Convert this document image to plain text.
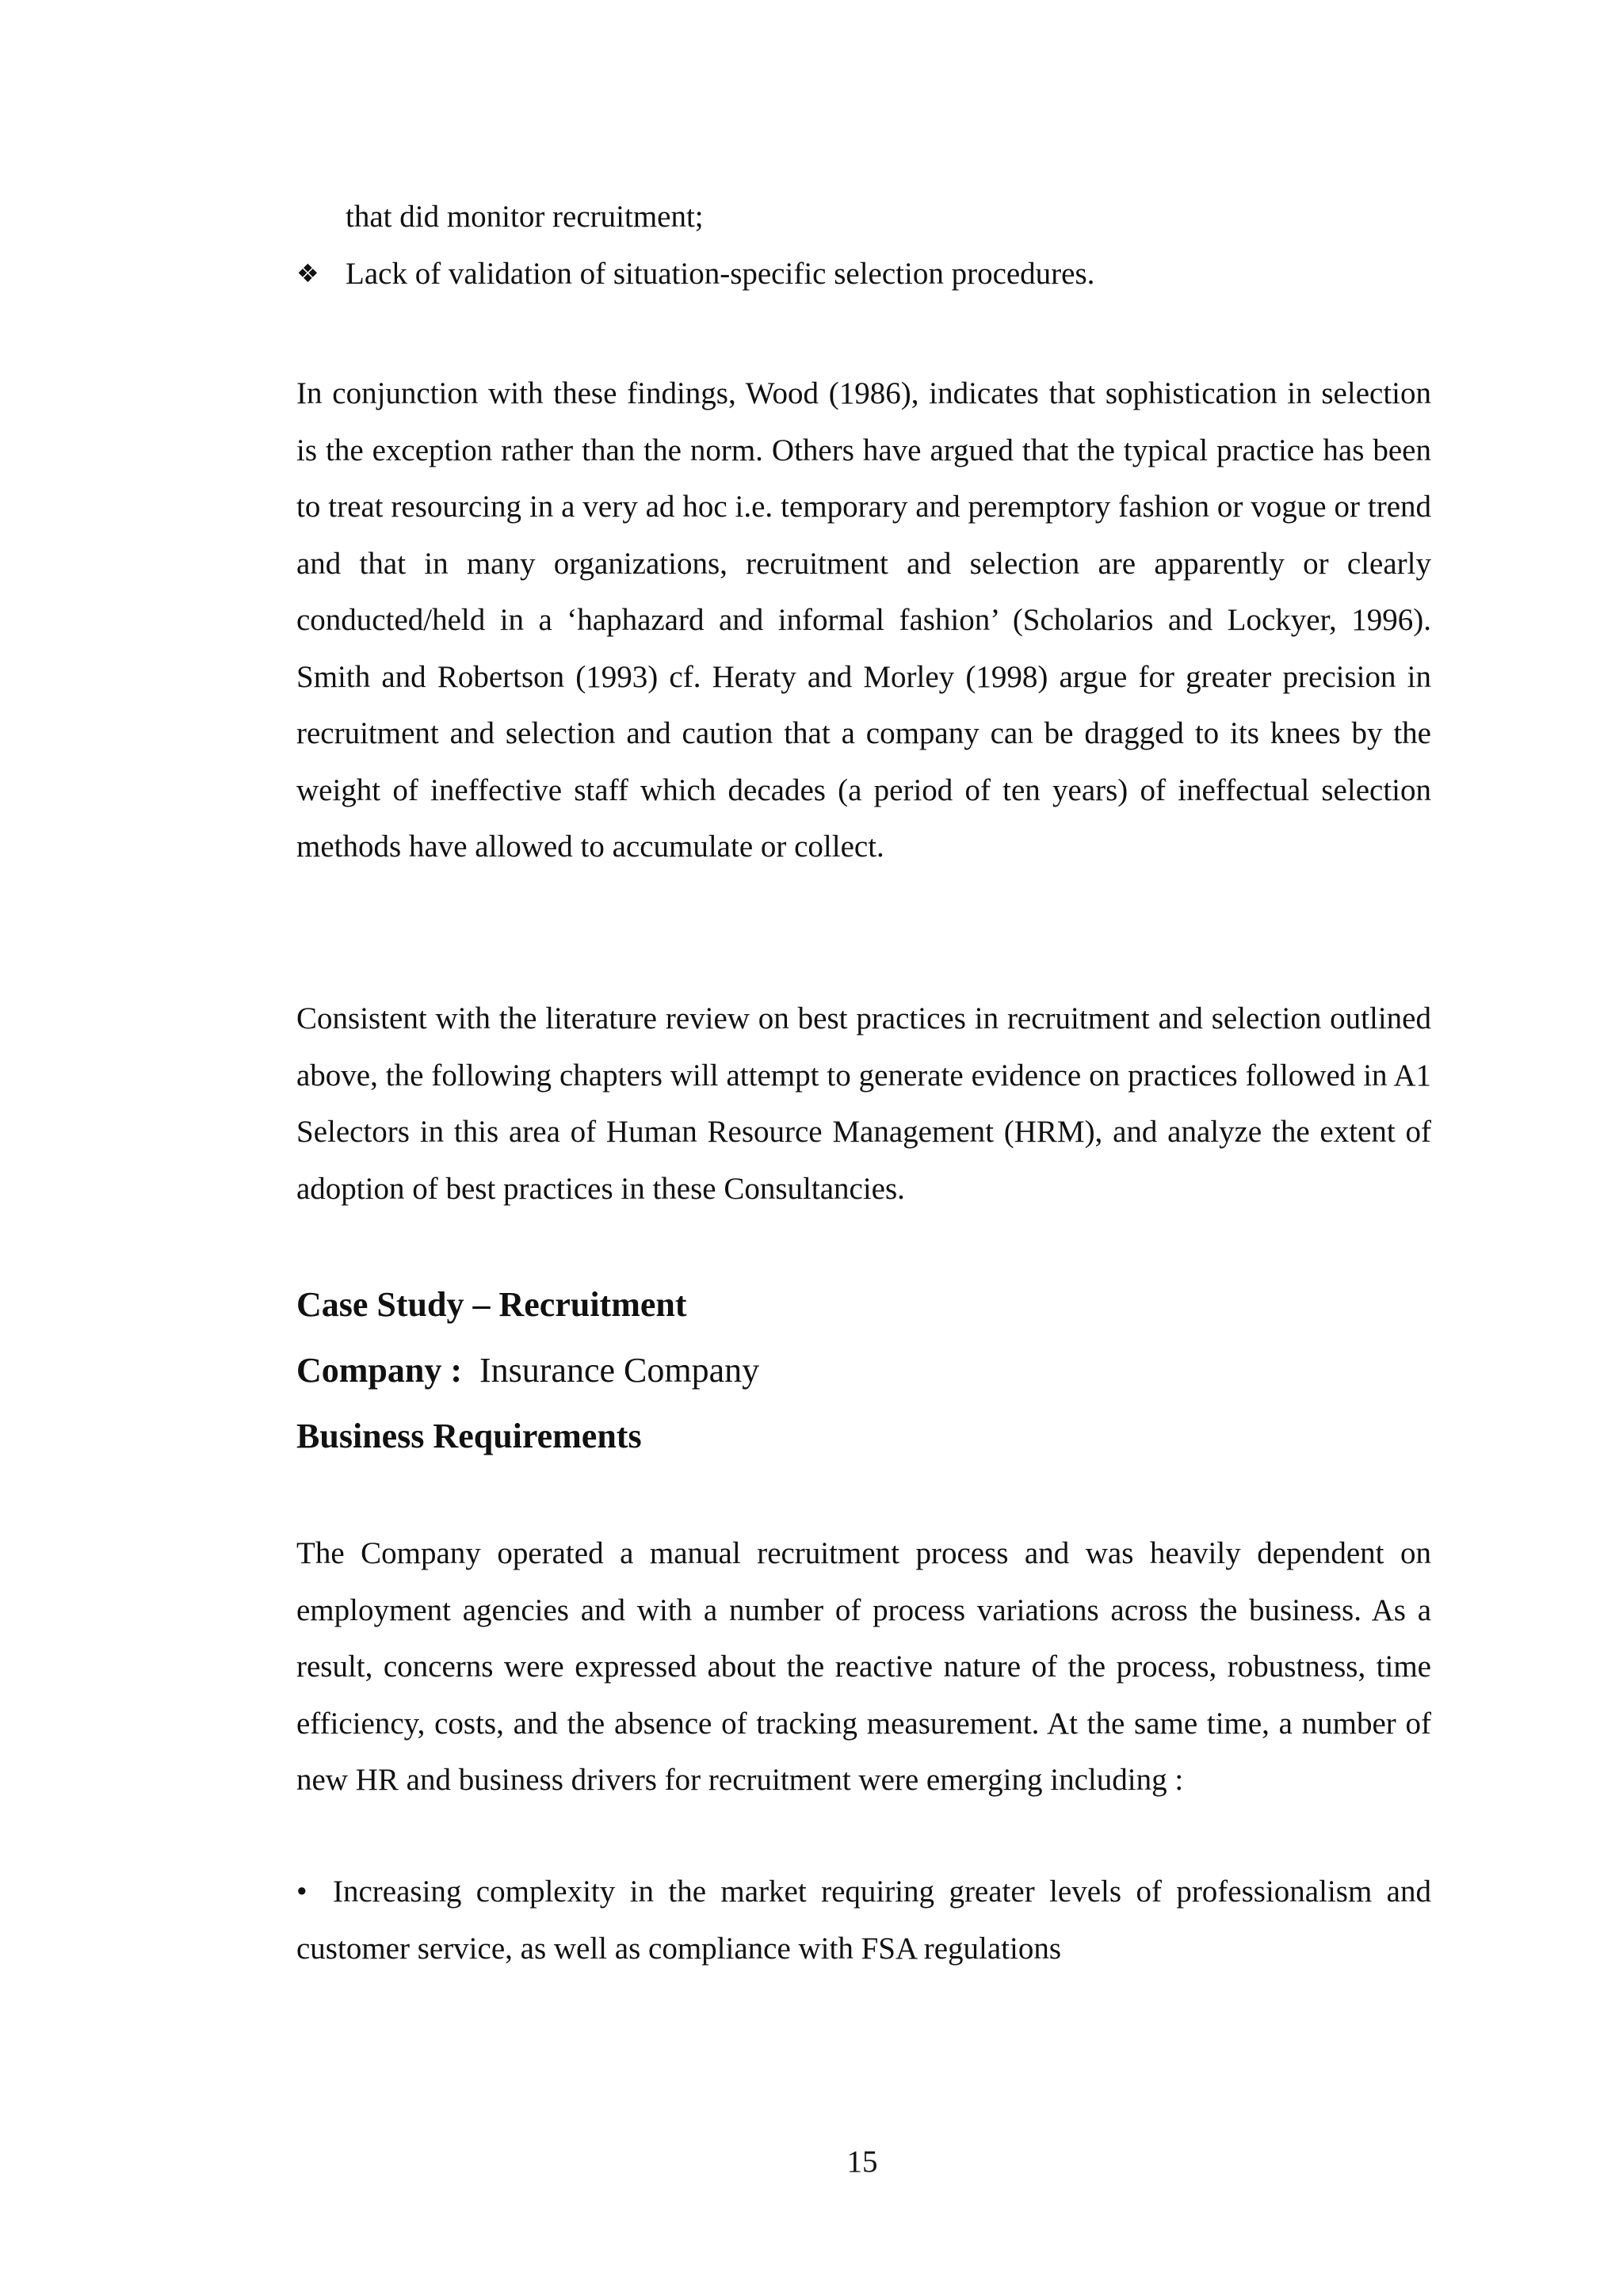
that did monitor recruitment;

❖ Lack of validation of situation-specific selection procedures.

In conjunction with these findings, Wood (1986), indicates that sophistication in selection is the exception rather than the norm. Others have argued that the typical practice has been to treat resourcing in a very ad hoc i.e. temporary and peremptory fashion or vogue or trend and that in many organizations, recruitment and selection are apparently or clearly conducted/held in a ‘haphazard and informal fashion’ (Scholarios and Lockyer, 1996). Smith and Robertson (1993) cf. Heraty and Morley (1998) argue for greater precision in recruitment and selection and caution that a company can be dragged to its knees by the weight of ineffective staff which decades (a period of ten years) of ineffectual selection methods have allowed to accumulate or collect.

Consistent with the literature review on best practices in recruitment and selection outlined above, the following chapters will attempt to generate evidence on practices followed in A1 Selectors in this area of Human Resource Management (HRM), and analyze the extent of adoption of best practices in these Consultancies.

Case Study – Recruitment

Company : Insurance Company

Business Requirements

The Company operated a manual recruitment process and was heavily dependent on employment agencies and with a number of process variations across the business. As a result, concerns were expressed about the reactive nature of the process, robustness, time efficiency, costs, and the absence of tracking measurement. At the same time, a number of new HR and business drivers for recruitment were emerging including :

• Increasing complexity in the market requiring greater levels of professionalism and customer service, as well as compliance with FSA regulations

15
